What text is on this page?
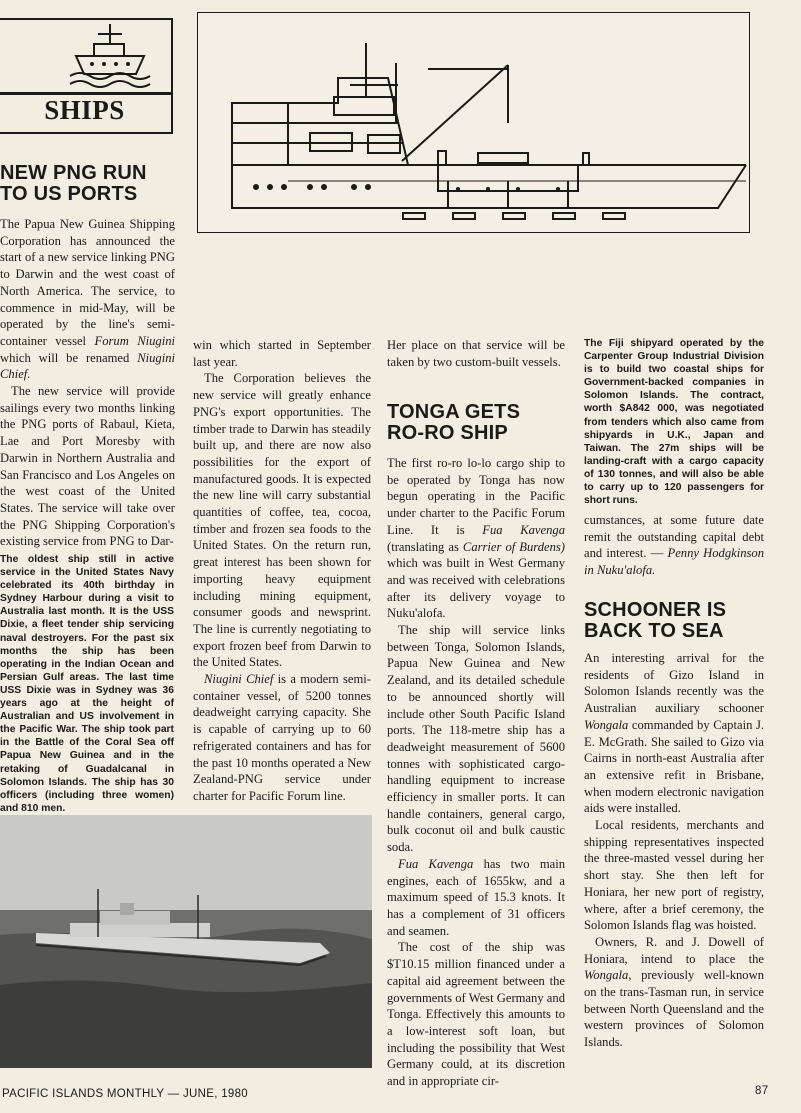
SHIPS
NEW PNG RUN
TO US PORTS

The Papua New Guinea Shipping Corporation has announced the start of a new service linking PNG to Darwin and the west coast of North America. The service, to commence in mid-May, will be operated by the line's semi-container vessel Forum Niugini which will be renamed Niugini Chief.

The new service will provide sailings every two months linking the PNG ports of Rabaul, Kieta, Lae and Port Moresby with Darwin in Northern Australia and San Francisco and Los Angeles on the west coast of the United States. The service will take over the PNG Shipping Corporation's existing service from PNG to Dar-

The oldest ship still in active service in the United States Navy celebrated its 40th birthday in Sydney Harbour during a visit to Australia last month. It is the USS Dixie, a fleet tender ship servicing naval destroyers. For the past six months the ship has been operating in the Indian Ocean and Persian Gulf areas. The last time USS Dixie was in Sydney was 36 years ago at the height of Australian and US involvement in the Pacific War. The ship took part in the Battle of the Coral Sea off Papua New Guinea and in the retaking of Guadalcanal in Solomon Islands. The ship has 30 officers (including three women) and 810 men.

win which started in September last year.

The Corporation believes the new service will greatly enhance PNG's export opportunities. The timber trade to Darwin has steadily built up, and there are now also possibilities for the export of manufactured goods. It is expected the new line will carry substantial quantities of coffee, tea, cocoa, timber and frozen sea foods to the United States. On the return run, great interest has been shown for importing heavy equipment including mining equipment, consumer goods and newsprint. The line is currently negotiating to export frozen beef from Darwin to the United States.

Niugini Chief is a modern semi-container vessel, of 5200 tonnes deadweight carrying capacity. She is capable of carrying up to 60 refrigerated containers and has for the past 10 months operated a New Zealand-PNG service under charter for Pacific Forum line.

Her place on that service will be taken by two custom-built vessels.

TONGA GETS
RO-RO SHIP

The first ro-ro lo-lo cargo ship to be operated by Tonga has now begun operating in the Pacific under charter to the Pacific Forum Line. It is Fua Kavenga (translating as Carrier of Burdens) which was built in West Germany and was received with celebrations after its delivery voyage to Nuku'alofa.

The ship will service links between Tonga, Solomon Islands, Papua New Guinea and New Zealand, and its detailed schedule to be announced shortly will include other South Pacific Island ports. The 118-metre ship has a deadweight measurement of 5600 tonnes with sophisticated cargo-handling equipment to increase efficiency in smaller ports. It can handle containers, general cargo, bulk coconut oil and bulk caustic soda.

Fua Kavenga has two main engines, each of 1655kw, and a maximum speed of 15.3 knots. It has a complement of 31 officers and seamen.

The cost of the ship was $T10.15 million financed under a capital aid agreement between the governments of West Germany and Tonga. Effectively this amounts to a low-interest soft loan, but including the possibility that West Germany could, at its discretion and in appropriate cir-

The Fiji shipyard operated by the Carpenter Group Industrial Division is to build two coastal ships for Government-backed companies in Solomon Islands. The contract, worth $A842 000, was negotiated from tenders which also came from shipyards in U.K., Japan and Taiwan. The 27m ships will be landing-craft with a cargo capacity of 130 tonnes, and will also be able to carry up to 120 passengers for short runs.

cumstances, at some future date remit the outstanding capital debt and interest. — Penny Hodgkinson in Nuku'alofa.

SCHOONER IS
BACK TO SEA

An interesting arrival for the residents of Gizo Island in Solomon Islands recently was the Australian auxiliary schooner Wongala commanded by Captain J. E. McGrath. She sailed to Gizo via Cairns in north-east Australia after an extensive refit in Brisbane, when modern electronic navigation aids were installed.

Local residents, merchants and shipping representatives inspected the three-masted vessel during her short stay. She then left for Honiara, her new port of registry, where, after a brief ceremony, the Solomon Islands flag was hoisted.

Owners, R. and J. Dowell of Honiara, intend to place the Wongala, previously well-known on the trans-Tasman run, in service between North Queensland and the western provinces of Solomon Islands.

PACIFIC ISLANDS MONTHLY — JUNE, 1980	87
